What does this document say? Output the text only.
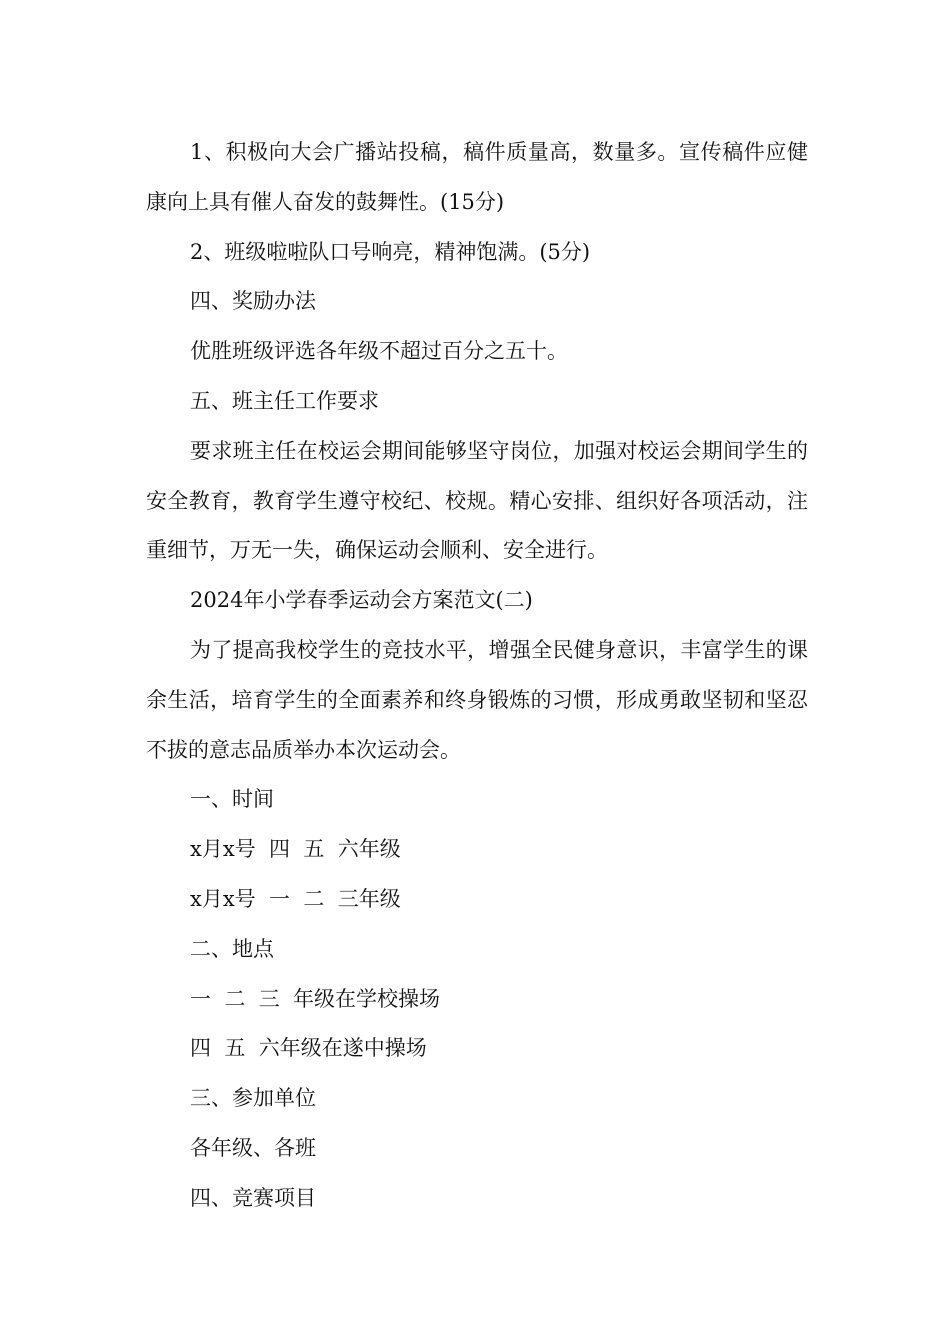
1、积极向大会广播站投稿，稿件质量高，数量多。宣传稿件应健康向上具有催人奋发的鼓舞性。(15分)

2、班级啦啦队口号响亮，精神饱满。(5分)

四、奖励办法

优胜班级评选各年级不超过百分之五十。

五、班主任工作要求

要求班主任在校运会期间能够坚守岗位，加强对校运会期间学生的安全教育，教育学生遵守校纪、校规。精心安排、组织好各项活动，注重细节，万无一失，确保运动会顺利、安全进行。

2024年小学春季运动会方案范文(二)

为了提高我校学生的竞技水平，增强全民健身意识，丰富学生的课余生活，培育学生的全面素养和终身锻炼的习惯，形成勇敢坚韧和坚忍不拔的意志品质举办本次运动会。

一、时间

x月x号  四  五  六年级

x月x号  一  二  三年级

二、地点

一  二  三  年级在学校操场

四  五  六年级在遂中操场

三、参加单位

各年级、各班

四、竞赛项目
